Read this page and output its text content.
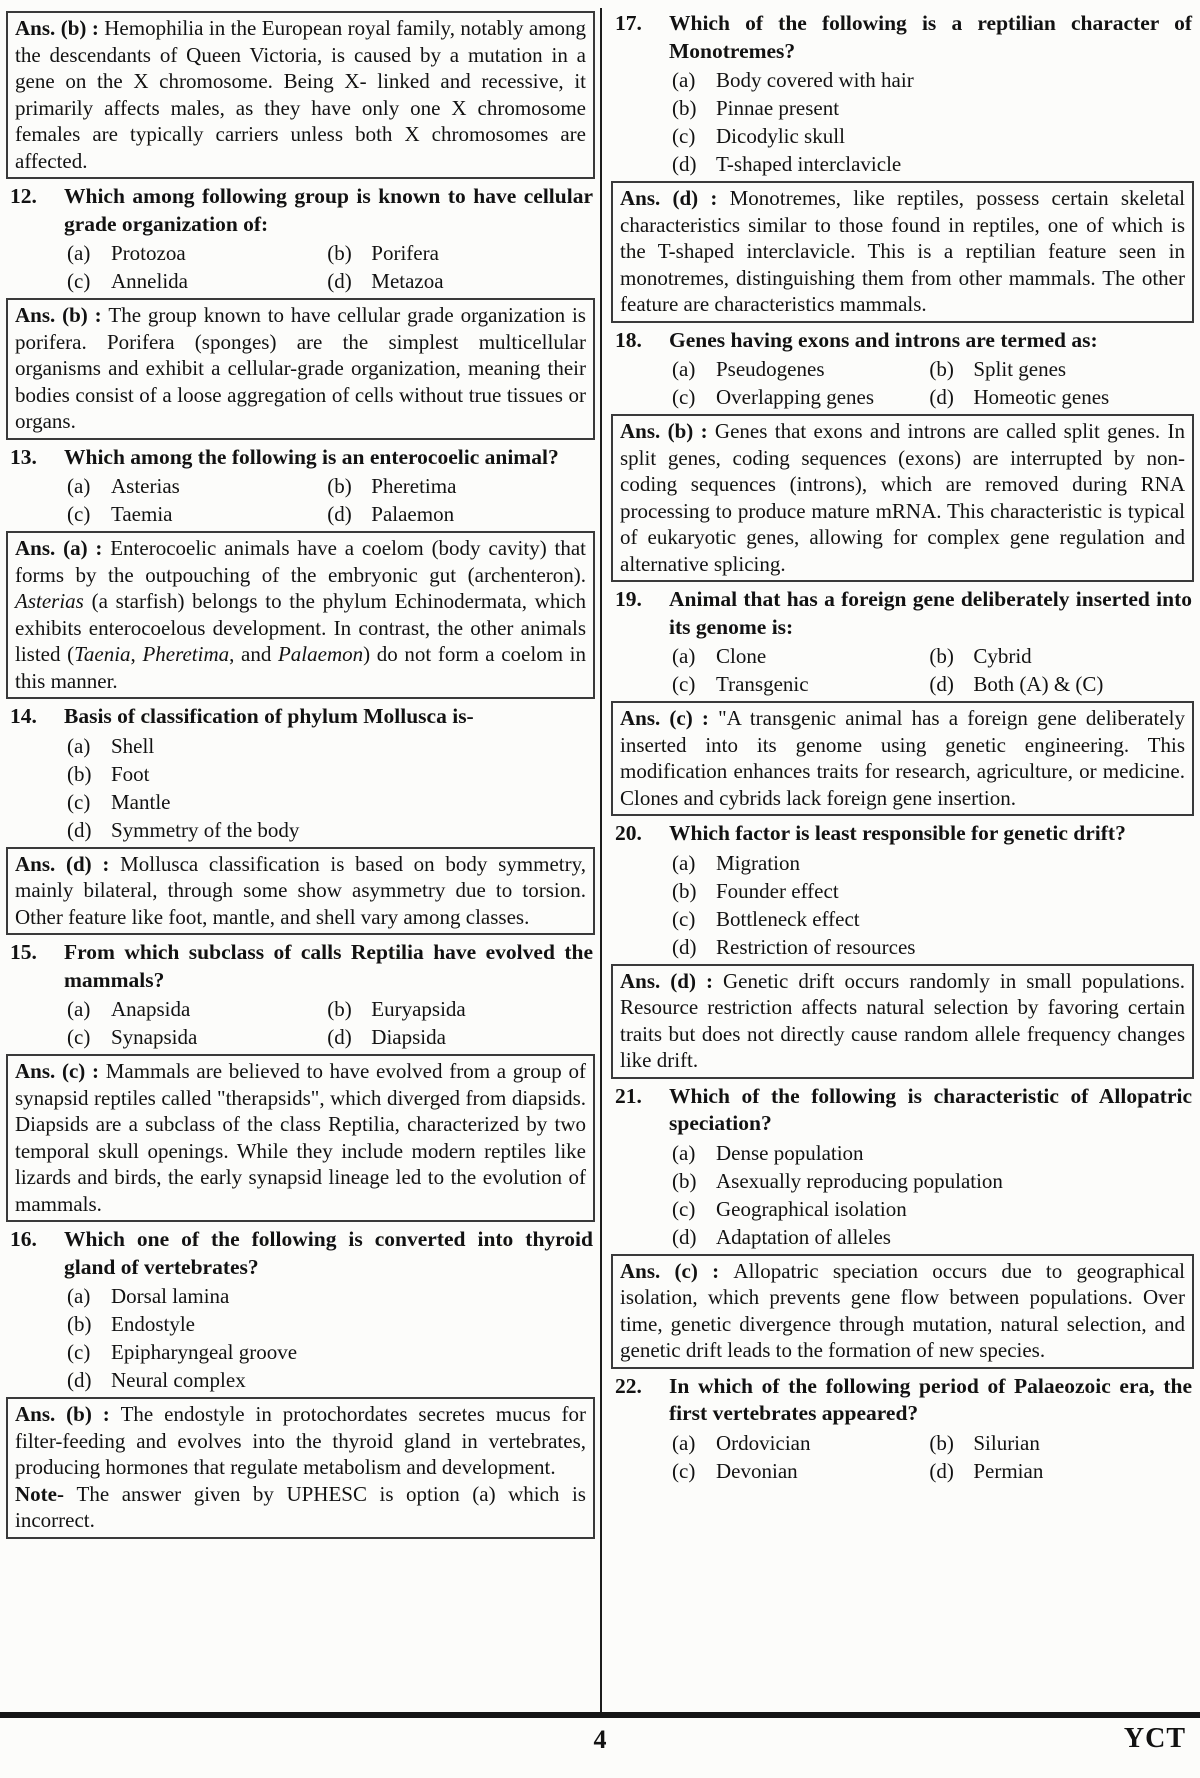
Ans. (b) : Hemophilia in the European royal family, notably among the descendants of Queen Victoria, is caused by a mutation in a gene on the X chromosome. Being X- linked and recessive, it primarily affects males, as they have only one X chromosome females are typically carriers unless both X chromosomes are affected.

12.	Which among following group is known to have cellular grade organization of:
(a) Protozoa	(b) Porifera
(c) Annelida	(d) Metazoa

Ans. (b) : The group known to have cellular grade organization is porifera. Porifera (sponges) are the simplest multicellular organisms and exhibit a cellular-grade organization, meaning their bodies consist of a loose aggregation of cells without true tissues or organs.

13.	Which among the following is an enterocoelic animal?
(a) Asterias	(b) Pheretima
(c) Taemia	(d) Palaemon

Ans. (a) : Enterocoelic animals have a coelom (body cavity) that forms by the outpouching of the embryonic gut (archenteron). Asterias (a starfish) belongs to the phylum Echinodermata, which exhibits enterocoelous development. In contrast, the other animals listed (Taenia, Pheretima, and Palaemon) do not form a coelom in this manner.

14.	Basis of classification of phylum Mollusca is-
(a) Shell
(b) Foot
(c) Mantle
(d) Symmetry of the body

Ans. (d) : Mollusca classification is based on body symmetry, mainly bilateral, through some show asymmetry due to torsion. Other feature like foot, mantle, and shell vary among classes.

15.	From which subclass of calls Reptilia have evolved the mammals?
(a) Anapsida	(b) Euryapsida
(c) Synapsida	(d) Diapsida

Ans. (c) : Mammals are believed to have evolved from a group of synapsid reptiles called "therapsids", which diverged from diapsids. Diapsids are a subclass of the class Reptilia, characterized by two temporal skull openings. While they include modern reptiles like lizards and birds, the early synapsid lineage led to the evolution of mammals.

16.	Which one of the following is converted into thyroid gland of vertebrates?
(a) Dorsal lamina
(b) Endostyle
(c) Epipharyngeal groove
(d) Neural complex

Ans. (b) : The endostyle in protochordates secretes mucus for filter-feeding and evolves into the thyroid gland in vertebrates, producing hormones that regulate metabolism and development.

Note- The answer given by UPHESC is option (a) which is incorrect.

17.	Which of the following is a reptilian character of Monotremes?
(a) Body covered with hair
(b) Pinnae present
(c) Dicodylic skull
(d) T-shaped interclavicle

Ans. (d) : Monotremes, like reptiles, possess certain skeletal characteristics similar to those found in reptiles, one of which is the T-shaped interclavicle. This is a reptilian feature seen in monotremes, distinguishing them from other mammals. The other feature are characteristics mammals.

18.	Genes having exons and introns are termed as:
(a) Pseudogenes	(b) Split genes
(c) Overlapping genes	(d) Homeotic genes

Ans. (b) : Genes that exons and introns are called split genes. In split genes, coding sequences (exons) are interrupted by non-coding sequences (introns), which are removed during RNA processing to produce mature mRNA. This characteristic is typical of eukaryotic genes, allowing for complex gene regulation and alternative splicing.

19.	Animal that has a foreign gene deliberately inserted into its genome is:
(a) Clone	(b) Cybrid
(c) Transgenic	(d) Both (A) & (C)

Ans. (c) : "A transgenic animal has a foreign gene deliberately inserted into its genome using genetic engineering. This modification enhances traits for research, agriculture, or medicine. Clones and cybrids lack foreign gene insertion.

20.	Which factor is least responsible for genetic drift?
(a) Migration
(b) Founder effect
(c) Bottleneck effect
(d) Restriction of resources

Ans. (d) : Genetic drift occurs randomly in small populations. Resource restriction affects natural selection by favoring certain traits but does not directly cause random allele frequency changes like drift.

21.	Which of the following is characteristic of Allopatric speciation?
(a) Dense population
(b) Asexually reproducing population
(c) Geographical isolation
(d) Adaptation of alleles

Ans. (c) : Allopatric speciation occurs due to geographical isolation, which prevents gene flow between populations. Over time, genetic divergence through mutation, natural selection, and genetic drift leads to the formation of new species.

22.	In which of the following period of Palaeozoic era, the first vertebrates appeared?
(a) Ordovician	(b) Silurian
(c) Devonian	(d) Permian
4	YCT
